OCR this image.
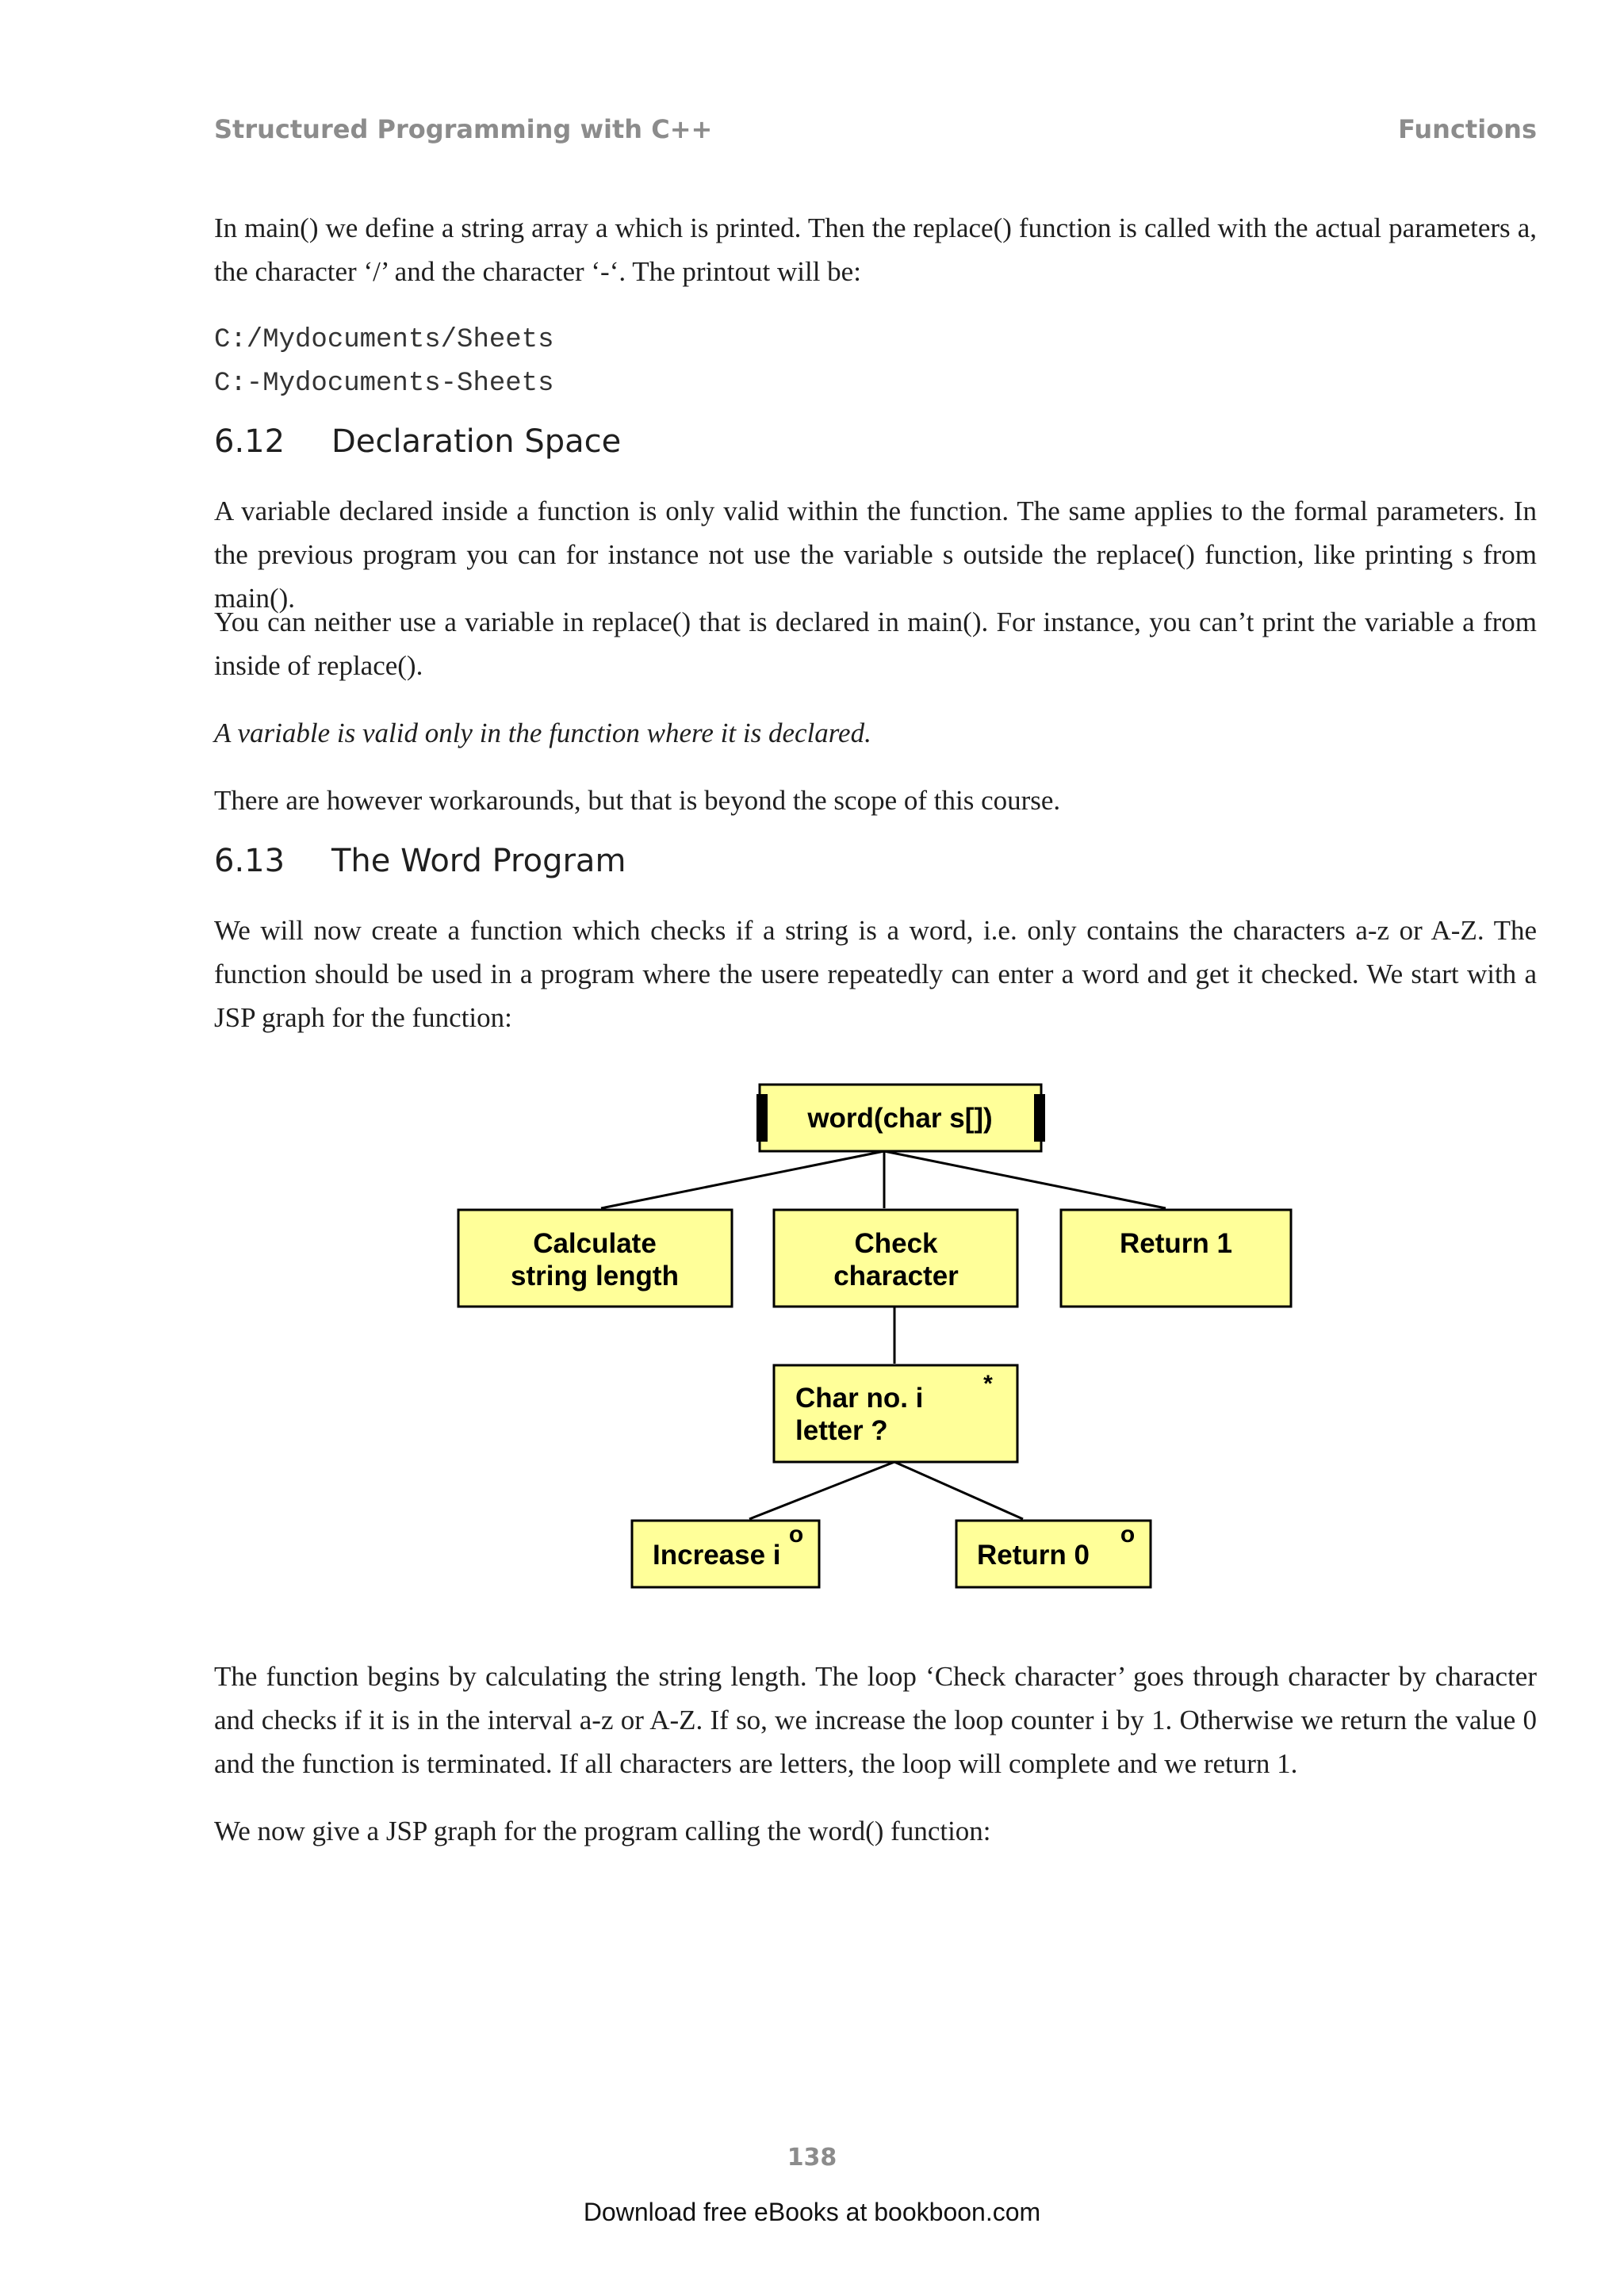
Structured Programming with C++	Functions

In main() we define a string array a which is printed. Then the replace() function is called with the actual parameters a, the character ‘/’ and the character ‘-‘. The printout will be:

C:/Mydocuments/Sheets
C:-Mydocuments-Sheets
6.12 Declaration Space

A variable declared inside a function is only valid within the function. The same applies to the formal parameters. In the previous program you can for instance not use the variable s outside the replace() function, like printing s from main().

You can neither use a variable in replace() that is declared in main(). For instance, you can’t print the variable a from inside of replace().

A variable is valid only in the function where it is declared.

There are however workarounds, but that is beyond the scope of this course.

6.13 The Word Program

We will now create a function which checks if a string is a word, i.e. only contains the characters a-z or A-Z. The function should be used in a program where the usere repeatedly can enter a word and get it checked. We start with a JSP graph for the function:

word(char s[])
Calculate
string length
Check
character
Return 1
Char no. i
letter ?
*
Increase i
o
Return 0
o

The function begins by calculating the string length. The loop ‘Check character’ goes through character by character and checks if it is in the interval a-z or A-Z. If so, we increase the loop counter i by 1. Otherwise we return the value 0 and the function is terminated. If all characters are letters, the loop will complete and we return 1.

We now give a JSP graph for the program calling the word() function:

138
Download free eBooks at bookboon.com
